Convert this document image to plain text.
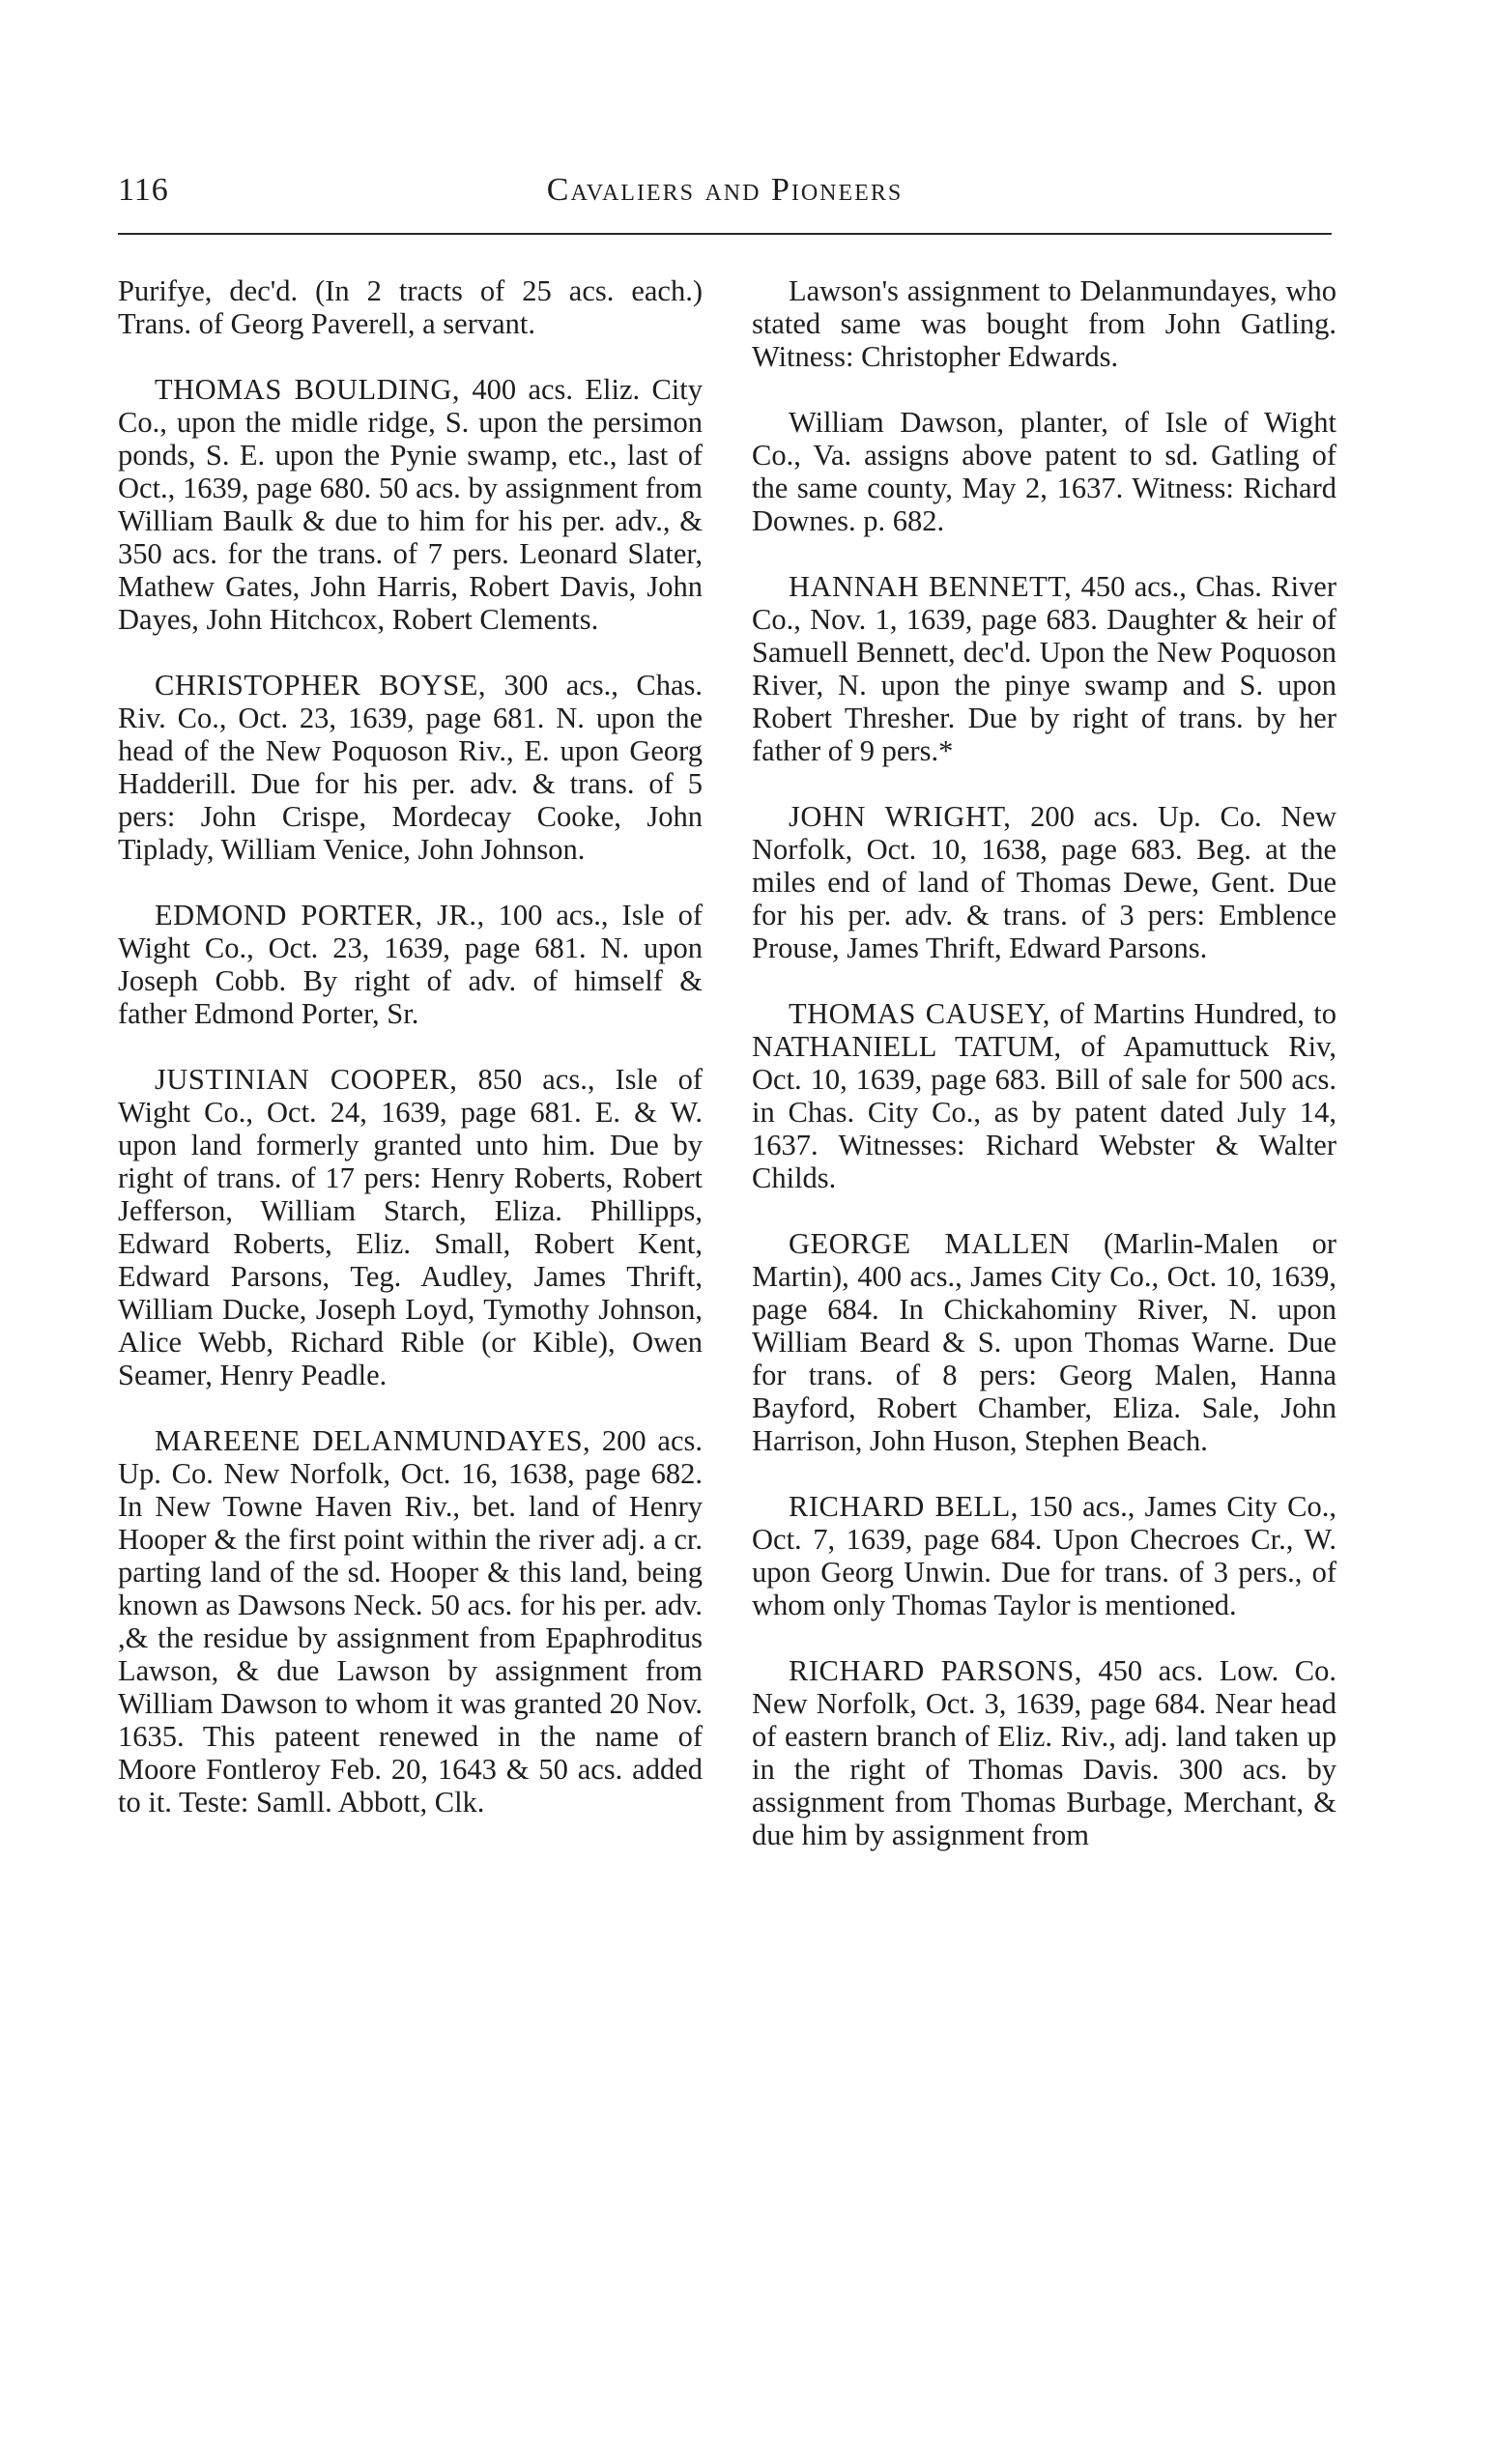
116	Cavaliers and Pioneers

Purifye, dec'd. (In 2 tracts of 25 acs. each.) Trans. of Georg Paverell, a servant.

THOMAS BOULDING, 400 acs. Eliz. City Co., upon the midle ridge, S. upon the persimon ponds, S. E. upon the Pynie swamp, etc., last of Oct., 1639, page 680. 50 acs. by assignment from William Baulk & due to him for his per. adv., & 350 acs. for the trans. of 7 pers. Leonard Slater, Mathew Gates, John Harris, Robert Davis, John Dayes, John Hitchcox, Robert Clements.

CHRISTOPHER BOYSE, 300 acs., Chas. Riv. Co., Oct. 23, 1639, page 681. N. upon the head of the New Poquoson Riv., E. upon Georg Hadderill. Due for his per. adv. & trans. of 5 pers: John Crispe, Mordecay Cooke, John Tiplady, William Venice, John Johnson.

EDMOND PORTER, JR., 100 acs., Isle of Wight Co., Oct. 23, 1639, page 681. N. upon Joseph Cobb. By right of adv. of himself & father Edmond Porter, Sr.

JUSTINIAN COOPER, 850 acs., Isle of Wight Co., Oct. 24, 1639, page 681. E. & W. upon land formerly granted unto him. Due by right of trans. of 17 pers: Henry Roberts, Robert Jefferson, William Starch, Eliza. Phillipps, Edward Roberts, Eliz. Small, Robert Kent, Edward Parsons, Teg. Audley, James Thrift, William Ducke, Joseph Loyd, Tymothy Johnson, Alice Webb, Richard Rible (or Kible), Owen Seamer, Henry Peadle.

MAREENE DELANMUNDAYES, 200 acs. Up. Co. New Norfolk, Oct. 16, 1638, page 682. In New Towne Haven Riv., bet. land of Henry Hooper & the first point within the river adj. a cr. parting land of the sd. Hooper & this land, being known as Dawsons Neck. 50 acs. for his per. adv. ,& the residue by assignment from Epaphroditus Lawson, & due Lawson by assignment from William Dawson to whom it was granted 20 Nov. 1635. This pateent renewed in the name of Moore Fontleroy Feb. 20, 1643 & 50 acs. added to it. Teste: Samll. Abbott, Clk.

Lawson's assignment to Delanmundayes, who stated same was bought from John Gatling. Witness: Christopher Edwards.

William Dawson, planter, of Isle of Wight Co., Va. assigns above patent to sd. Gatling of the same county, May 2, 1637. Witness: Richard Downes. p. 682.

HANNAH BENNETT, 450 acs., Chas. River Co., Nov. 1, 1639, page 683. Daughter & heir of Samuell Bennett, dec'd. Upon the New Poquoson River, N. upon the pinye swamp and S. upon Robert Thresher. Due by right of trans. by her father of 9 pers.*

JOHN WRIGHT, 200 acs. Up. Co. New Norfolk, Oct. 10, 1638, page 683. Beg. at the miles end of land of Thomas Dewe, Gent. Due for his per. adv. & trans. of 3 pers: Emblence Prouse, James Thrift, Edward Parsons.

THOMAS CAUSEY, of Martins Hundred, to NATHANIELL TATUM, of Apamuttuck Riv, Oct. 10, 1639, page 683. Bill of sale for 500 acs. in Chas. City Co., as by patent dated July 14, 1637. Witnesses: Richard Webster & Walter Childs.

GEORGE MALLEN (Marlin-Malen or Martin), 400 acs., James City Co., Oct. 10, 1639, page 684. In Chickahominy River, N. upon William Beard & S. upon Thomas Warne. Due for trans. of 8 pers: Georg Malen, Hanna Bayford, Robert Chamber, Eliza. Sale, John Harrison, John Huson, Stephen Beach.

RICHARD BELL, 150 acs., James City Co., Oct. 7, 1639, page 684. Upon Checroes Cr., W. upon Georg Unwin. Due for trans. of 3 pers., of whom only Thomas Taylor is mentioned.

RICHARD PARSONS, 450 acs. Low. Co. New Norfolk, Oct. 3, 1639, page 684. Near head of eastern branch of Eliz. Riv., adj. land taken up in the right of Thomas Davis. 300 acs. by assignment from Thomas Burbage, Merchant, & due him by assignment from
